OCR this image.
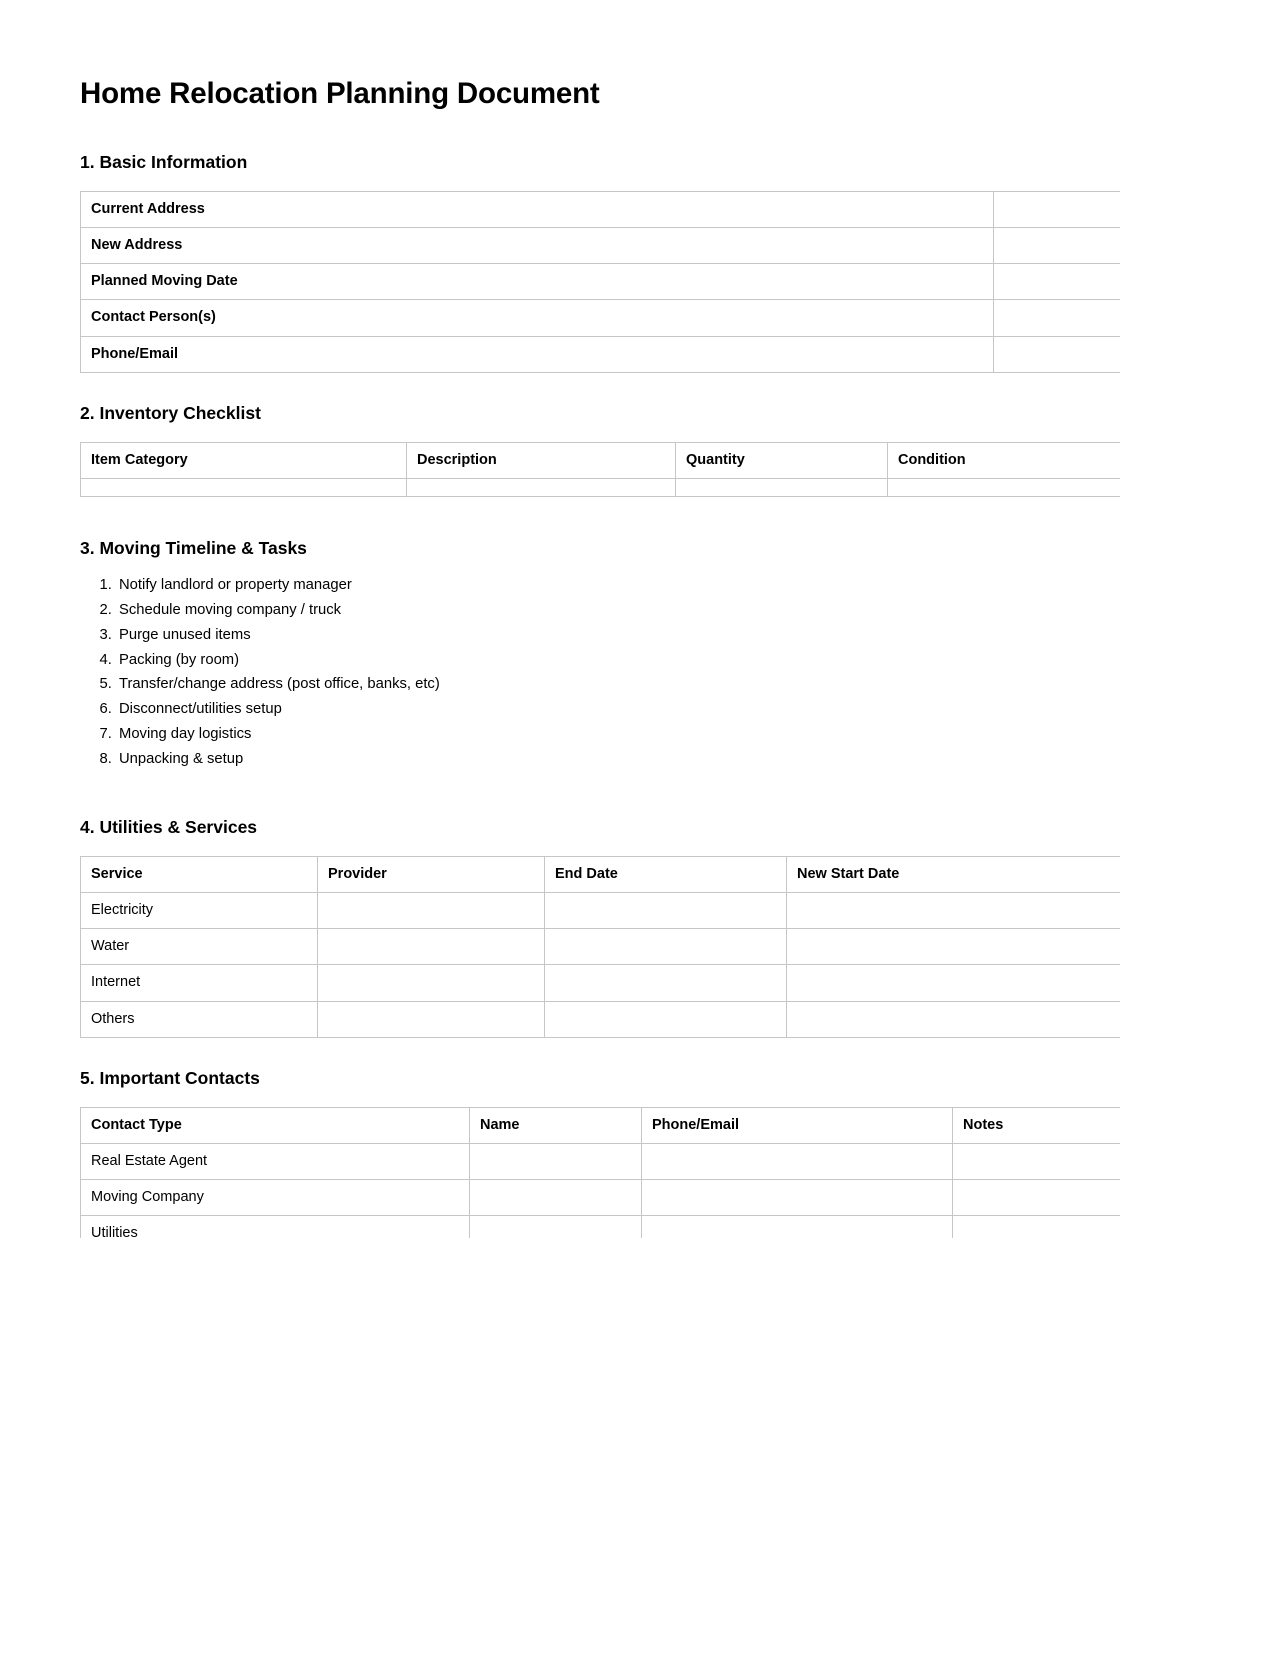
Home Relocation Planning Document
1. Basic Information
Current Address	
New Address	
Planned Moving Date	
Contact Person(s)	
Phone/Email	
2. Inventory Checklist
Item Category	Description	Quantity	Condition

3. Moving Timeline & Tasks
1. Notify landlord or property manager
2. Schedule moving company / truck
3. Purge unused items
4. Packing (by room)
5. Transfer/change address (post office, banks, etc)
6. Disconnect/utilities setup
7. Moving day logistics
8. Unpacking & setup
4. Utilities & Services
Service	Provider	End Date	New Start Date
Electricity			
Water			
Internet			
Others			
5. Important Contacts
Contact Type	Name	Phone/Email	Notes
Real Estate Agent			
Moving Company			
Utilities			
